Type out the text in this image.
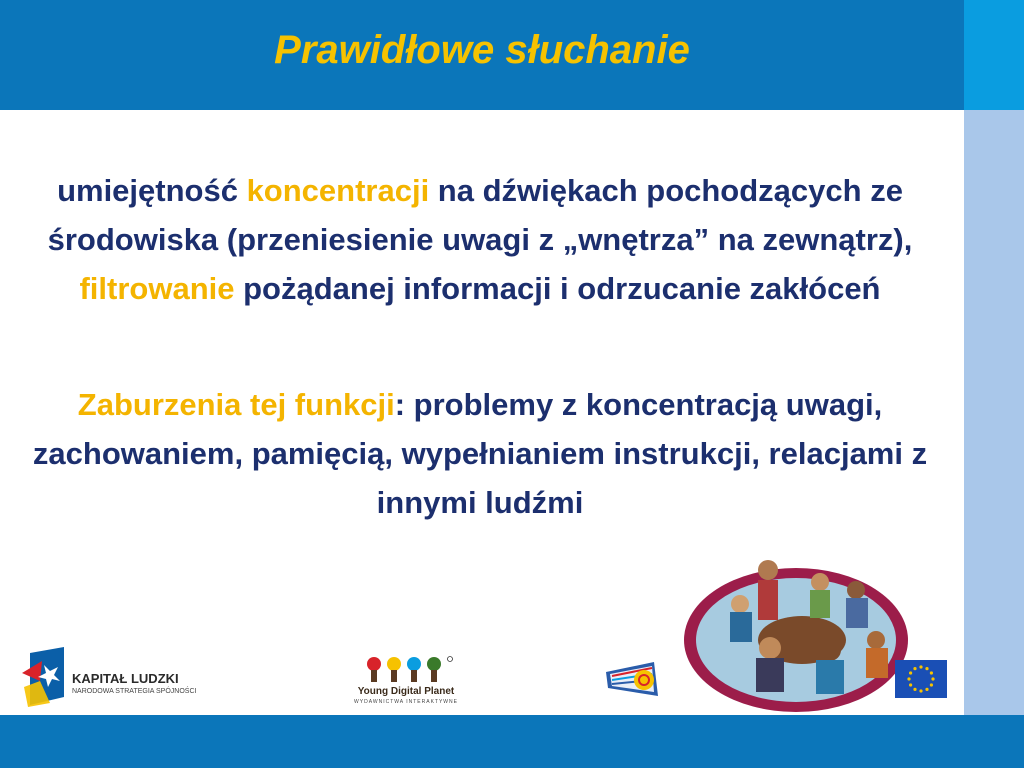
Prawidłowe słuchanie

umiejętność koncentracji na dźwiękach pochodzących ze środowiska (przeniesienie uwagi z „wnętrza” na zewnątrz), filtrowanie pożądanej informacji i odrzucanie zakłóceń

Zaburzenia tej funkcji: problemy z koncentracją uwagi, zachowaniem, pamięcią, wypełnianiem instrukcji, relacjami z innymi ludźmi

KAPITAŁ LUDZKI
NARODOWA STRATEGIA SPÓJNOŚCI	Young Digital Planet
WYDAWNICTWA INTERAKTYWNE
